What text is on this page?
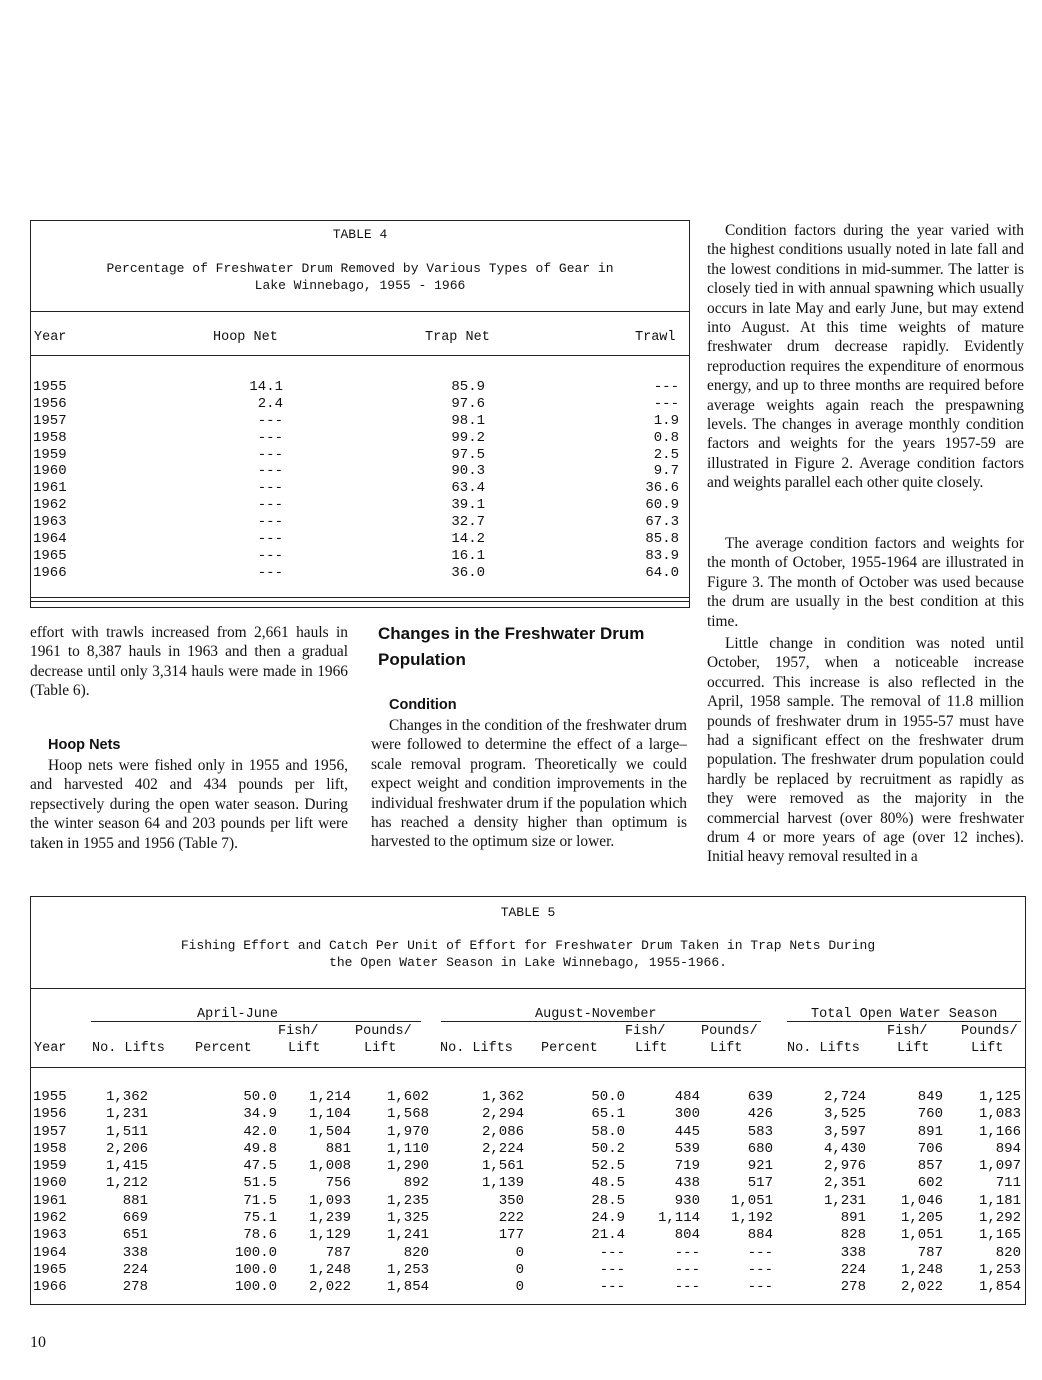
TABLE 4
Percentage of Freshwater Drum Removed by Various Types of Gear in
Lake Winnebago, 1955 - 1966
Year	Hoop Net	Trap Net	Trawl
1955	14.1	85.9	---
1956	2.4	97.6	---
1957	---	98.1	1.9
1958	---	99.2	0.8
1959	---	97.5	2.5
1960	---	90.3	9.7
1961	---	63.4	36.6
1962	---	39.1	60.9
1963	---	32.7	67.3
1964	---	14.2	85.8
1965	---	16.1	83.9
1966	---	36.0	64.0

effort with trawls increased from 2,661 hauls in 1961 to 8,387 hauls in 1963 and then a gradual decrease until only 3,314 hauls were made in 1966 (Table 6).

Hoop Nets

Hoop nets were fished only in 1955 and 1956, and harvested 402 and 434 pounds per lift, repsectively during the open water season. During the winter season 64 and 203 pounds per lift were taken in 1955 and 1956 (Table 7).

Changes in the Freshwater Drum Population

Condition

Changes in the condition of the freshwater drum were followed to determine the effect of a large–scale removal program. Theoretically we could expect weight and condition improvements in the individual freshwater drum if the population which has reached a density higher than optimum is harvested to the optimum size or lower.

Condition factors during the year varied with the highest conditions usually noted in late fall and the lowest conditions in mid-summer. The latter is closely tied in with annual spawning which usually occurs in late May and early June, but may extend into August. At this time weights of mature freshwater drum decrease rapidly. Evidently reproduction requires the expenditure of enormous energy, and up to three months are required before average weights again reach the prespawning levels. The changes in average monthly condition factors and weights for the years 1957-59 are illustrated in Figure 2. Average condition factors and weights parallel each other quite closely.

The average condition factors and weights for the month of October, 1955-1964 are illustrated in Figure 3. The month of October was used because the drum are usually in the best condition at this time.

Little change in condition was noted until October, 1957, when a noticeable increase occurred. This increase is also reflected in the April, 1958 sample. The removal of 11.8 million pounds of freshwater drum in 1955-57 must have had a significant effect on the freshwater drum population. The freshwater drum population could hardly be replaced by recruitment as rapidly as they were removed as the majority in the commercial harvest (over 80%) were freshwater drum 4 or more years of age (over 12 inches). Initial heavy removal resulted in a

TABLE 5
Fishing Effort and Catch Per Unit of Effort for Freshwater Drum Taken in Trap Nets During
the Open Water Season in Lake Winnebago, 1955-1966.
April-June	August-November	Total Open Water Season
Fish/	Pounds/	Fish/	Pounds/	Fish/ Pounds/
Year No. Lifts Percent	Lift	Lift	No. Lifts Percent	Lift	Lift	No. Lifts	Lift	Lift
1955	1,362	50.0 1,214	1,602	1,362	50.0	484	639	2,724	849	1,125
1956	1,231	34.9 1,104	1,568	2,294	65.1	300	426	3,525	760	1,083
1957	1,511	42.0 1,504	1,970	2,086	58.0	445	583	3,597	891	1,166
1958	2,206	49.8	881	1,110	2,224	50.2	539	680	4,430	706	894
1959	1,415	47.5 1,008	1,290	1,561	52.5	719	921	2,976	857	1,097
1960	1,212	51.5	756	892	1,139	48.5	438	517	2,351	602	711
1961	881	71.5 1,093	1,235	350	28.5	930 1,051	1,231 1,046	1,181
1962	669	75.1 1,239	1,325	222	24.9 1,114 1,192	891 1,205	1,292
1963	651	78.6 1,129	1,241	177	21.4	804	884	828 1,051	1,165
1964	338	100.0	787	820	0	---	---	---	338	787	820
1965	224	100.0 1,248	1,253	0	---	---	---	224 1,248	1,253
1966	278	100.0 2,022	1,854	0	---	---	---	278 2,022	1,854
10
